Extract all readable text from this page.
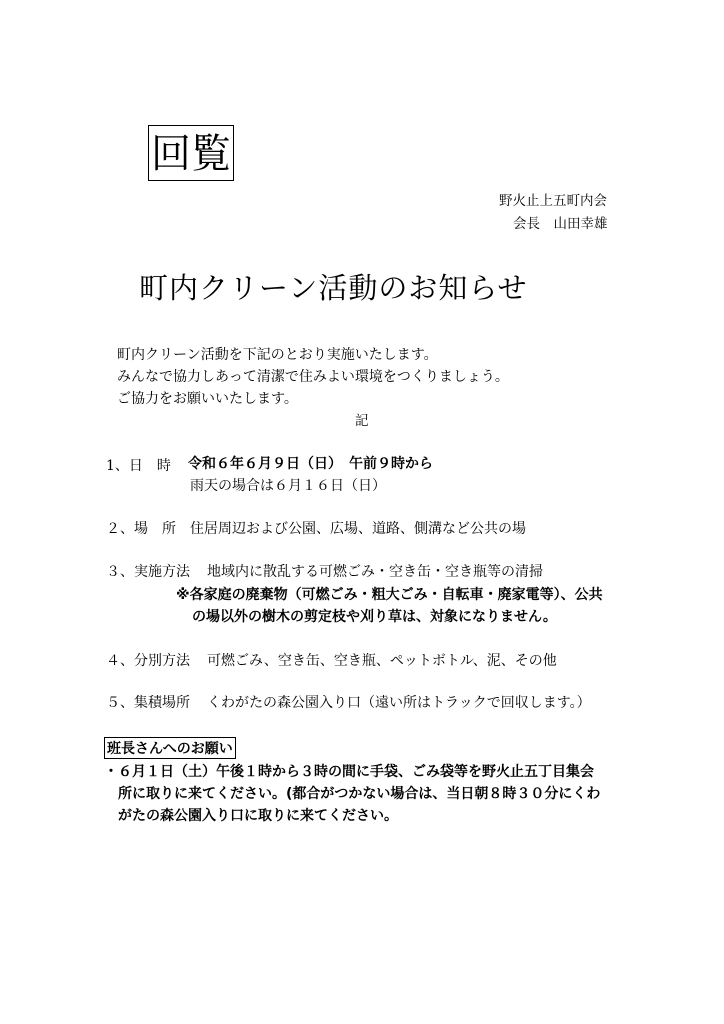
回覧
野火止上五町内会
会長　山田幸雄
町内クリーン活動のお知らせ
町内クリーン活動を下記のとおり実施いたします。
みんなで協力しあって清潔で住みよい環境をつくりましょう。
ご協力をお願いいたします。
記
1、日　時 令和６年６月９日（日）　午前９時から
雨天の場合は６月１６日（日）
２、場　所 住居周辺および公園、広場、道路、側溝など公共の場
３、実施方法 地域内に散乱する可燃ごみ・空き缶・空き瓶等の清掃
※各家庭の廃棄物（可燃ごみ・粗大ごみ・自転車・廃家電等）、公共
の場以外の樹木の剪定枝や刈り草は、対象になりません。
４、分別方法 可燃ごみ、空き缶、空き瓶、ペットボトル、泥、その他
５、集積場所 くわがたの森公園入り口（遠い所はトラックで回収します。）
班長さんへのお願い
・６月１日（土）午後１時から３時の間に手袋、ごみ袋等を野火止五丁目集会
所に取りに来てください。(都合がつかない場合は、当日朝８時３０分にくわ
がたの森公園入り口に取りに来てください。
